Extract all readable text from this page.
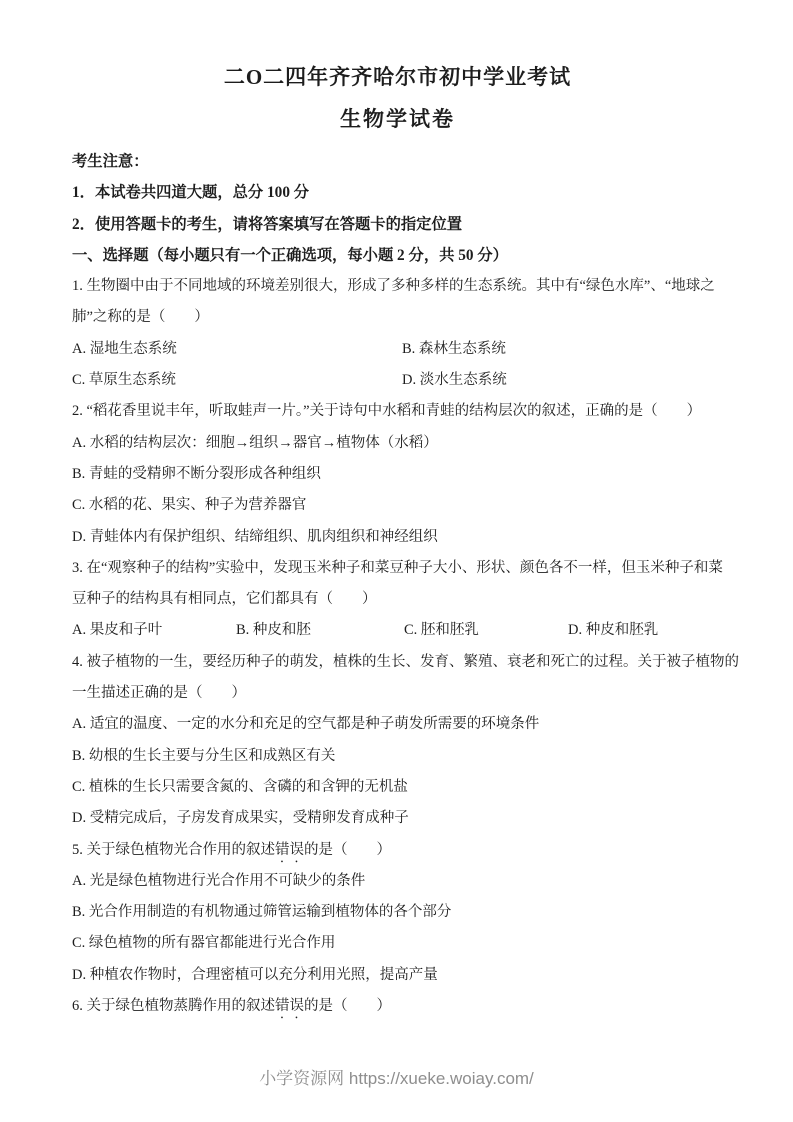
二O二四年齐齐哈尔市初中学业考试
生物学试卷

考生注意：

1．本试卷共四道大题，总分 100 分

2．使用答题卡的考生，请将答案填写在答题卡的指定位置

一、选择题（每小题只有一个正确选项，每小题 2 分，共 50 分）

1. 生物圈中由于不同地域的环境差别很大，形成了多种多样的生态系统。其中有“绿色水库”、“地球之

肺”之称的是（　　）

A. 湿地生态系统	B. 森林生态系统

C. 草原生态系统	D. 淡水生态系统

2. “稻花香里说丰年，听取蛙声一片。”关于诗句中水稻和青蛙的结构层次的叙述，正确的是（　　）

A. 水稻的结构层次：细胞→组织→器官→植物体（水稻）

B. 青蛙的受精卵不断分裂形成各种组织

C. 水稻的花、果实、种子为营养器官

D. 青蛙体内有保护组织、结缔组织、肌肉组织和神经组织

3. 在“观察种子的结构”实验中，发现玉米种子和菜豆种子大小、形状、颜色各不一样，但玉米种子和菜

豆种子的结构具有相同点，它们都具有（　　）

A. 果皮和子叶	B. 种皮和胚	C. 胚和胚乳	D. 种皮和胚乳

4. 被子植物的一生，要经历种子的萌发，植株的生长、发育、繁殖、衰老和死亡的过程。关于被子植物的

一生描述正确的是（　　）

A. 适宜的温度、一定的水分和充足的空气都是种子萌发所需要的环境条件

B. 幼根的生长主要与分生区和成熟区有关

C. 植株的生长只需要含氮的、含磷的和含钾的无机盐

D. 受精完成后，子房发育成果实，受精卵发育成种子

5. 关于绿色植物光合作用的叙述错误的是（　　）

A. 光是绿色植物进行光合作用不可缺少的条件

B. 光合作用制造的有机物通过筛管运输到植物体的各个部分

C. 绿色植物的所有器官都能进行光合作用

D. 种植农作物时，合理密植可以充分利用光照，提高产量

6. 关于绿色植物蒸腾作用的叙述错误的是（　　）

小学资源网 https://xueke.woiay.com/
